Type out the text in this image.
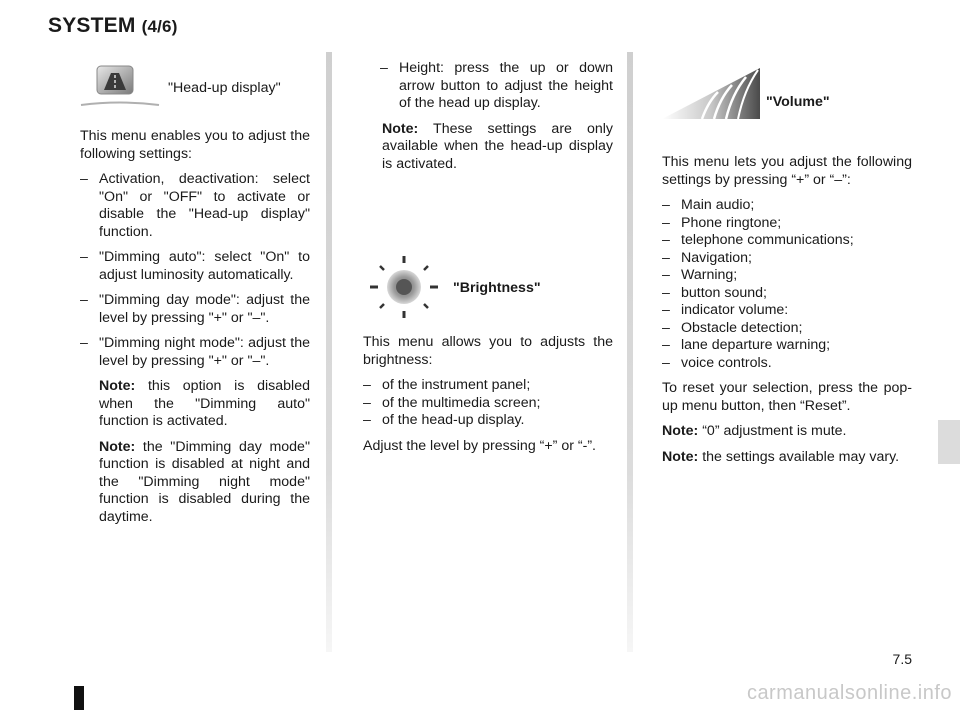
SYSTEM (4/6)
"Head-up display"

This menu enables you to adjust the following settings:

– Activation, deactivation: select "On" or "OFF" to activate or disable the "Head-up display" function.
– "Dimming auto": select "On" to adjust luminosity automatically.
– "Dimming day mode": adjust the level by pressing "+" or "–".
– "Dimming night mode": adjust the level by pressing "+" or "–".

Note: this option is disabled when the "Dimming auto" function is activated.

Note: the "Dimming day mode" function is disabled at night and the "Dimming night mode" function is disabled during the daytime.

– Height: press the up or down arrow button to adjust the height of the head up display.

Note: These settings are only available when the head-up display is activated.

"Brightness"

This menu allows you to adjusts the brightness:

– of the instrument panel;
– of the multimedia screen;
– of the head-up display.

Adjust the level by pressing “+” or “-”.

"Volume"

This menu lets you adjust the following settings by pressing “+” or “–”:

– Main audio;
– Phone ringtone;
– telephone communications;
– Navigation;
– Warning;
– button sound;
– indicator volume:
– Obstacle detection;
– lane departure warning;
– voice controls.

To reset your selection, press the pop-up menu button, then “Reset”.

Note: “0” adjustment is mute.

Note: the settings available may vary.

7.5
carmanualsonline.info
